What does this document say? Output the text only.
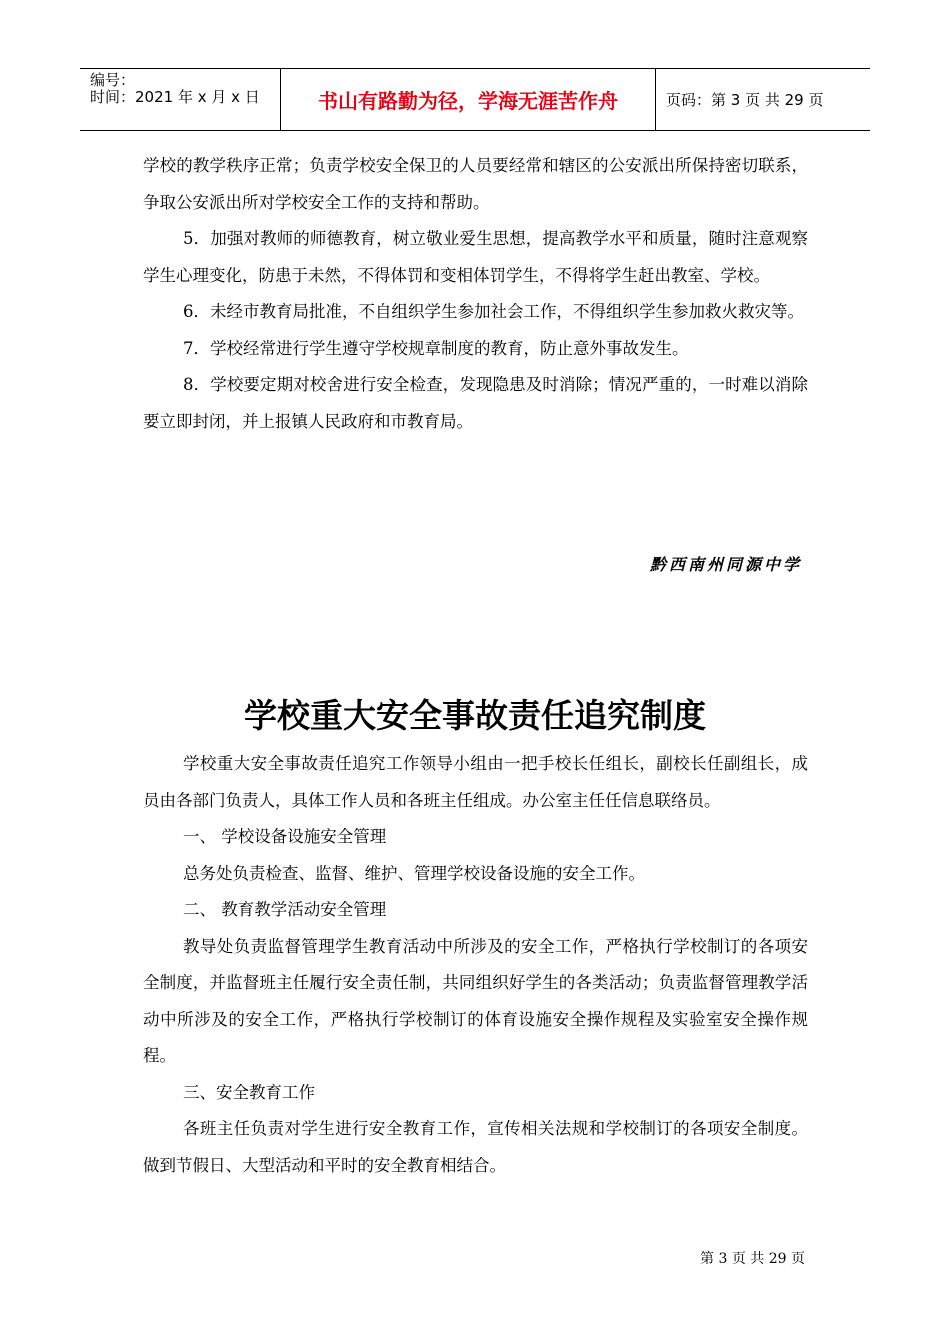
编号：
时间：2021 年 x 月 x 日	书山有路勤为径，学海无涯苦作舟	页码：第 3 页 共 29 页

学校的教学秩序正常；负责学校安全保卫的人员要经常和辖区的公安派出所保持密切联系，争取公安派出所对学校安全工作的支持和帮助。

5．加强对教师的师德教育，树立敬业爱生思想，提高教学水平和质量，随时注意观察学生心理变化，防患于未然，不得体罚和变相体罚学生，不得将学生赶出教室、学校。

6．未经市教育局批准，不自组织学生参加社会工作，不得组织学生参加救火救灾等。

7．学校经常进行学生遵守学校规章制度的教育，防止意外事故发生。

8．学校要定期对校舍进行安全检查，发现隐患及时消除；情况严重的，一时难以消除要立即封闭，并上报镇人民政府和市教育局。

黔西南州同源中学
学校重大安全事故责任追究制度

学校重大安全事故责任追究工作领导小组由一把手校长任组长，副校长任副组长，成员由各部门负责人，具体工作人员和各班主任组成。办公室主任任信息联络员。

一、 学校设备设施安全管理

总务处负责检查、监督、维护、管理学校设备设施的安全工作。

二、 教育教学活动安全管理

教导处负责监督管理学生教育活动中所涉及的安全工作，严格执行学校制订的各项安全制度，并监督班主任履行安全责任制，共同组织好学生的各类活动；负责监督管理教学活动中所涉及的安全工作，严格执行学校制订的体育设施安全操作规程及实验室安全操作规程。

三、安全教育工作

各班主任负责对学生进行安全教育工作，宣传相关法规和学校制订的各项安全制度。做到节假日、大型活动和平时的安全教育相结合。

第 3 页 共 29 页
